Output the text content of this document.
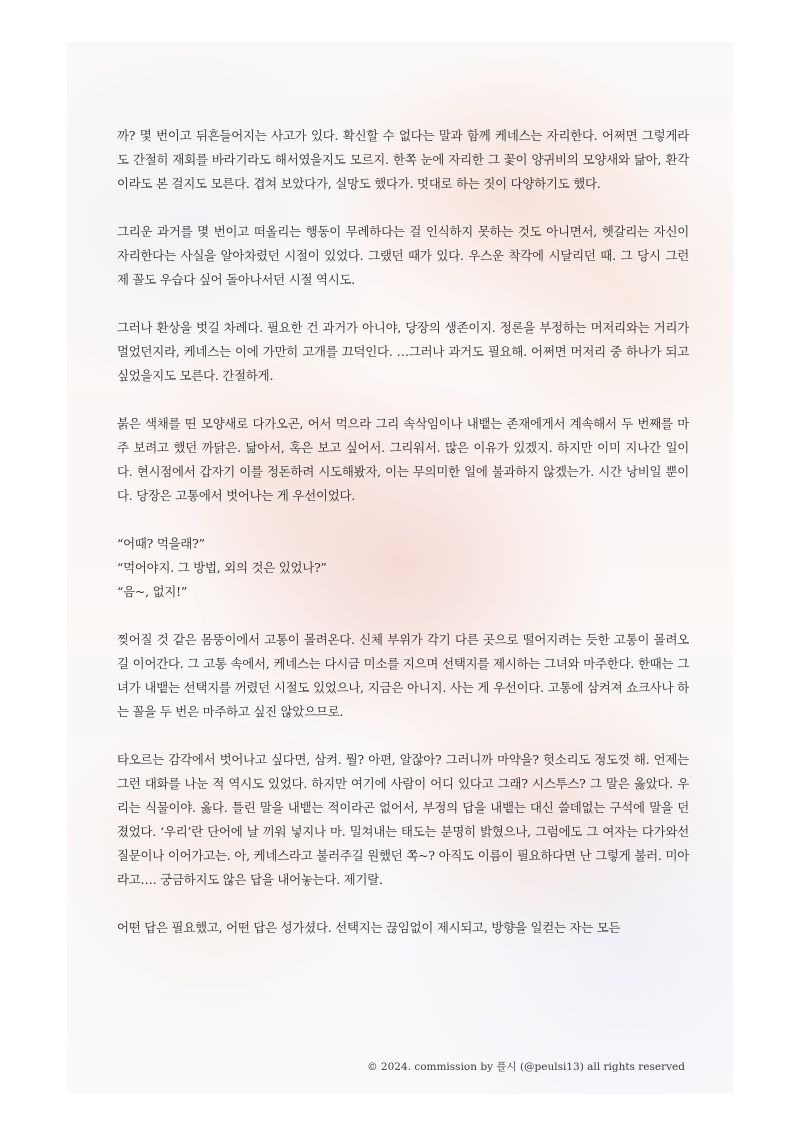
까? 몇 번이고 뒤흔들어지는 사고가 있다. 확신할 수 없다는 말과 함께 케네스는 자리한다. 어쩌면 그렇게라도 간절히 재회를 바라기라도 해서였을지도 모르지. 한쪽 눈에 자리한 그 꽃이 양귀비의 모양새와 닮아, 환각이라도 본 걸지도 모른다. 겹쳐 보았다가, 실망도 했다가. 멋대로 하는 짓이 다양하기도 했다.

그리운 과거를 몇 번이고 떠올리는 행동이 무례하다는 걸 인식하지 못하는 것도 아니면서, 헷갈리는 자신이 자리한다는 사실을 알아차렸던 시절이 있었다. 그랬던 때가 있다. 우스운 착각에 시달리던 때. 그 당시 그런 제 꼴도 우습다 싶어 돌아나서던 시절 역시도.

그러나 환상을 벗길 차례다. 필요한 건 과거가 아니야, 당장의 생존이지. 정론을 부정하는 머저리와는 거리가 멀었던지라, 케네스는 이에 가만히 고개를 끄덕인다. …그러나 과거도 필요해. 어쩌면 머저리 중 하나가 되고 싶었을지도 모른다. 간절하게.

붉은 색채를 띤 모양새로 다가오곤, 어서 먹으라 그리 속삭임이나 내뱉는 존재에게서 계속해서 두 번째를 마주 보려고 했던 까닭은. 닮아서, 혹은 보고 싶어서. 그리워서. 많은 이유가 있겠지. 하지만 이미 지나간 일이다. 현시점에서 갑자기 이를 정돈하려 시도해봤자, 이는 무의미한 일에 불과하지 않겠는가. 시간 낭비일 뿐이다. 당장은 고통에서 벗어나는 게 우선이었다.

“어때? 먹을래?”

“먹어야지. 그 방법, 외의 것은 있었나?”

“음~, 없지!”

찢어질 것 같은 몸뚱이에서 고통이 몰려온다. 신체 부위가 각기 다른 곳으로 떨어지려는 듯한 고통이 몰려오길 이어간다. 그 고통 속에서, 케네스는 다시금 미소를 지으며 선택지를 제시하는 그녀와 마주한다. 한때는 그녀가 내뱉는 선택지를 꺼렸던 시절도 있었으나, 지금은 아니지. 사는 게 우선이다. 고통에 삼켜져 쇼크사나 하는 꼴을 두 번은 마주하고 싶진 않았으므로.

타오르는 감각에서 벗어나고 싶다면, 삼켜. 뭘? 아편, 알잖아? 그러니까 마약을? 헛소리도 정도껏 해. 언제는 그런 대화를 나눈 적 역시도 있었다. 하지만 여기에 사람이 어디 있다고 그래? 시스투스? 그 말은 옳았다. 우리는 식물이야. 옳다. 틀린 말을 내뱉는 적이라곤 없어서, 부정의 답을 내뱉는 대신 쓸데없는 구석에 말을 던졌었다. ‘우리’란 단어에 날 끼워 넣지나 마. 밀쳐내는 태도는 분명히 밝혔으나, 그럼에도 그 여자는 다가와선 질문이나 이어가고는. 아, 케네스라고 불러주길 원했던 쪽~? 아직도 이름이 필요하다면 난 그렇게 불러. 미아라고…. 궁금하지도 않은 답을 내어놓는다. 제기랄.

어떤 답은 필요했고, 어떤 답은 성가셨다. 선택지는 끊임없이 제시되고, 방향을 일컫는 자는 모든

© 2024. commission by 플시 (@peulsi13) all rights reserved
